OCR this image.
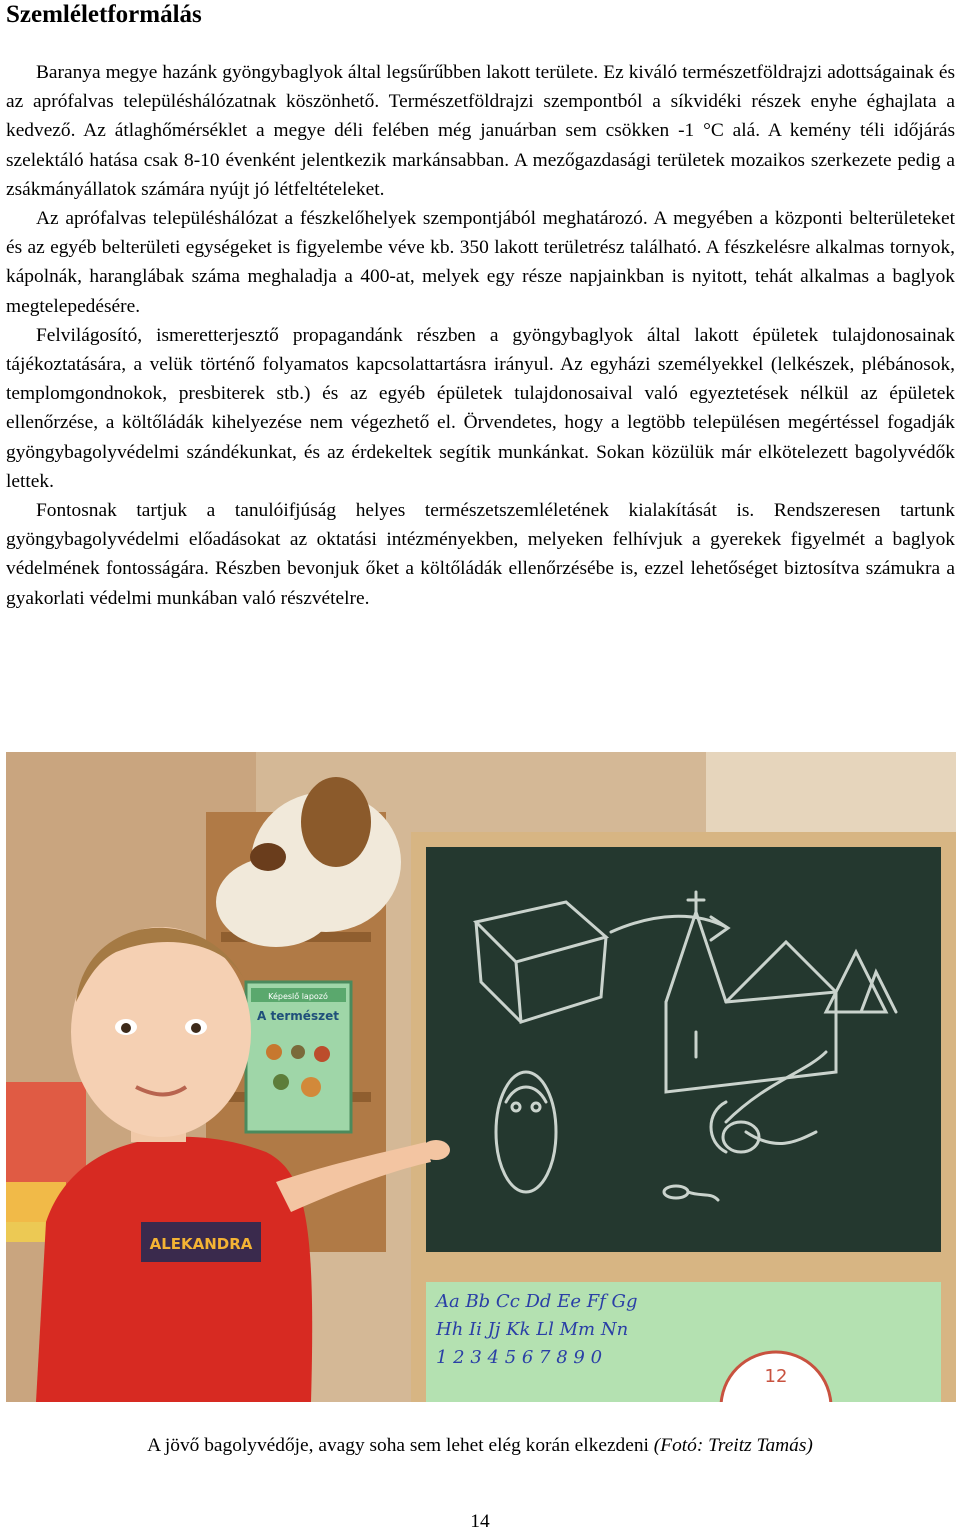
Szemléletformálás

Baranya megye hazánk gyöngybaglyok által legsűrűbben lakott területe. Ez kiváló természetföldrajzi adottságainak és az aprófalvas településhálózatnak köszönhető. Természetföldrajzi szempontból a síkvidéki részek enyhe éghajlata a kedvező. Az átlaghőmérséklet a megye déli felében még januárban sem csökken -1 °C alá. A kemény téli időjárás szelektáló hatása csak 8-10 évenként jelentkezik markánsabban. A mezőgazdasági területek mozaikos szerkezete pedig a zsákmányállatok számára nyújt jó létfeltételeket.

Az aprófalvas településhálózat a fészkelőhelyek szempontjából meghatározó. A megyében a központi belterületeket és az egyéb belterületi egységeket is figyelembe véve kb. 350 lakott területrész található. A fészkelésre alkalmas tornyok, kápolnák, haranglábak száma meghaladja a 400-at, melyek egy része napjainkban is nyitott, tehát alkalmas a baglyok megtelepedésére.

Felvilágosító, ismeretterjesztő propagandánk részben a gyöngybaglyok által lakott épületek tulajdonosainak tájékoztatására, a velük történő folyamatos kapcsolattartásra irányul. Az egyházi személyekkel (lelkészek, plébánosok, templomgondnokok, presbiterek stb.) és az egyéb épületek tulajdonosaival való egyeztetések nélkül az épületek ellenőrzése, a költőládák kihelyezése nem végezhető el. Örvendetes, hogy a legtöbb településen megértéssel fogadják gyöngybagolyvédelmi szándékunkat, és az érdekeltek segítik munkánkat. Sokan közülük már elkötelezett bagolyvédők lettek.

Fontosnak tartjuk a tanulóifjúság helyes természetszemléletének kialakítását is. Rendszeresen tartunk gyöngybagolyvédelmi előadásokat az oktatási intézményekben, melyeken felhívjuk a gyerekek figyelmét a baglyok védelmének fontosságára. Részben bevonjuk őket a költőládák ellenőrzésébe is, ezzel lehetőséget biztosítva számukra a gyakorlati védelmi munkában való részvételre.

Képeslő lapozó
A természet
Aa Bb Cc Dd Ee Ff Gg
Hh Ii Jj Kk Ll Mm Nn
1 2 3 4 5 6 7 8 9 0
12
ALEKANDRA
A jövő bagolyvédője, avagy soha sem lehet elég korán elkezdeni (Fotó: Treitz Tamás)
14
